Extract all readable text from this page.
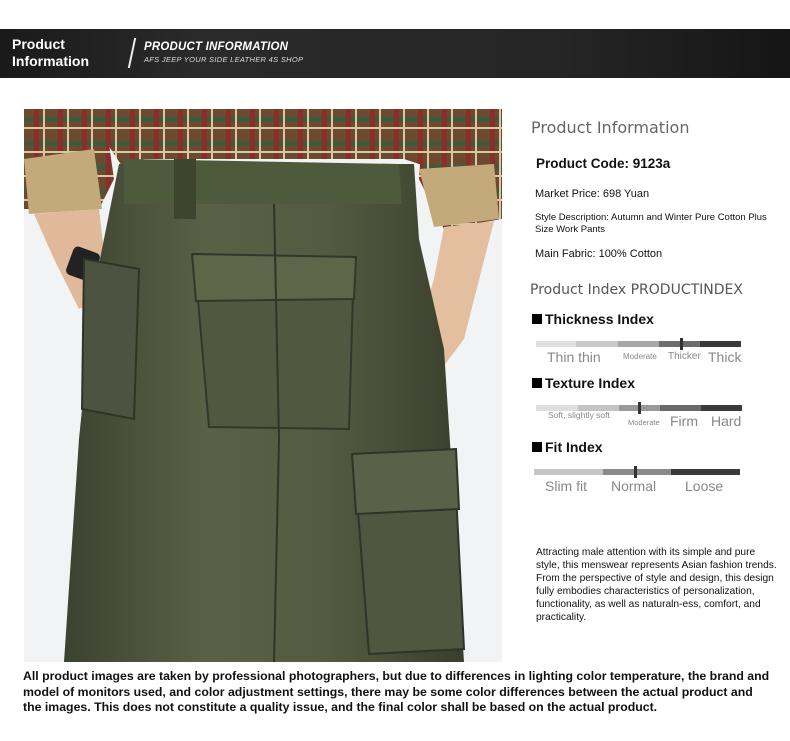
Product
Information
PRODUCT INFORMATION
AFS JEEP YOUR SIDE LEATHER 4S SHOP
Product Information
Product Code: 9123a
Market Price: 698 Yuan
Style Description: Autumn and Winter Pure Cotton Plus Size Work Pants
Main Fabric: 100% Cotton
Product Index PRODUCTINDEX
Thickness Index
Thin thin	Moderate Thicker Thick
Texture Index
Soft, slightly soft
Moderate Firm Hard
Fit Index
Slim fit Normal Loose
Attracting male attention with its simple and pure style, this menswear represents Asian fashion trends. From the perspective of style and design, this design fully embodies characteristics of personalization, functionality, as well as naturaln-ess, comfort, and practicality.
All product images are taken by professional photographers, but due to differences in lighting color temperature, the brand and model of monitors used, and color adjustment settings, there may be some color differences between the actual product and the images. This does not constitute a quality issue, and the final color shall be based on the actual product.
